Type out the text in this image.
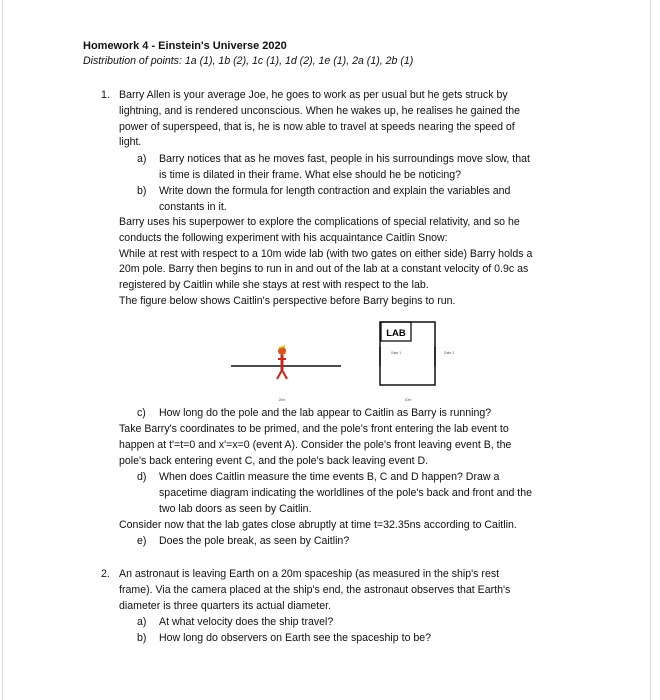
Homework 4 - Einstein's Universe 2020
Distribution of points: 1a (1), 1b (2), 1c (1), 1d (2), 1e (1), 2a (1), 2b (1)
1. Barry Allen is your average Joe, he goes to work as per usual but he gets struck by
lightning, and is rendered unconscious. When he wakes up, he realises he gained the
power of superspeed, that is, he is now able to travel at speeds nearing the speed of
light.
a) Barry notices that as he moves fast, people in his surroundings move slow, that
is time is dilated in their frame. What else should he be noticing?
b) Write down the formula for length contraction and explain the variables and
constants in it.
Barry uses his superpower to explore the complications of special relativity, and so he
conducts the following experiment with his acquaintance Caitlin Snow:
While at rest with respect to a 10m wide lab (with two gates on either side) Barry holds a
20m pole. Barry then begins to run in and out of the lab at a constant velocity of 0.9c as
registered by Caitlin while she stays at rest with respect to the lab.
The figure below shows Caitlin's perspective before Barry begins to run.
LAB
Gate 1	Gate 2
20m	10m
c) How long do the pole and the lab appear to Caitlin as Barry is running?
Take Barry's coordinates to be primed, and the pole's front entering the lab event to
happen at t'=t=0 and x'=x=0 (event A). Consider the pole's front leaving event B, the
pole's back entering event C, and the pole's back leaving event D.
d) When does Caitlin measure the time events B, C and D happen? Draw a
spacetime diagram indicating the worldlines of the pole's back and front and the
two lab doors as seen by Caitlin.
Consider now that the lab gates close abruptly at time t=32.35ns according to Caitlin.
e) Does the pole break, as seen by Caitlin?
2. An astronaut is leaving Earth on a 20m spaceship (as measured in the ship's rest
frame). Via the camera placed at the ship's end, the astronaut observes that Earth's
diameter is three quarters its actual diameter.
a) At what velocity does the ship travel?
b) How long do observers on Earth see the spaceship to be?
